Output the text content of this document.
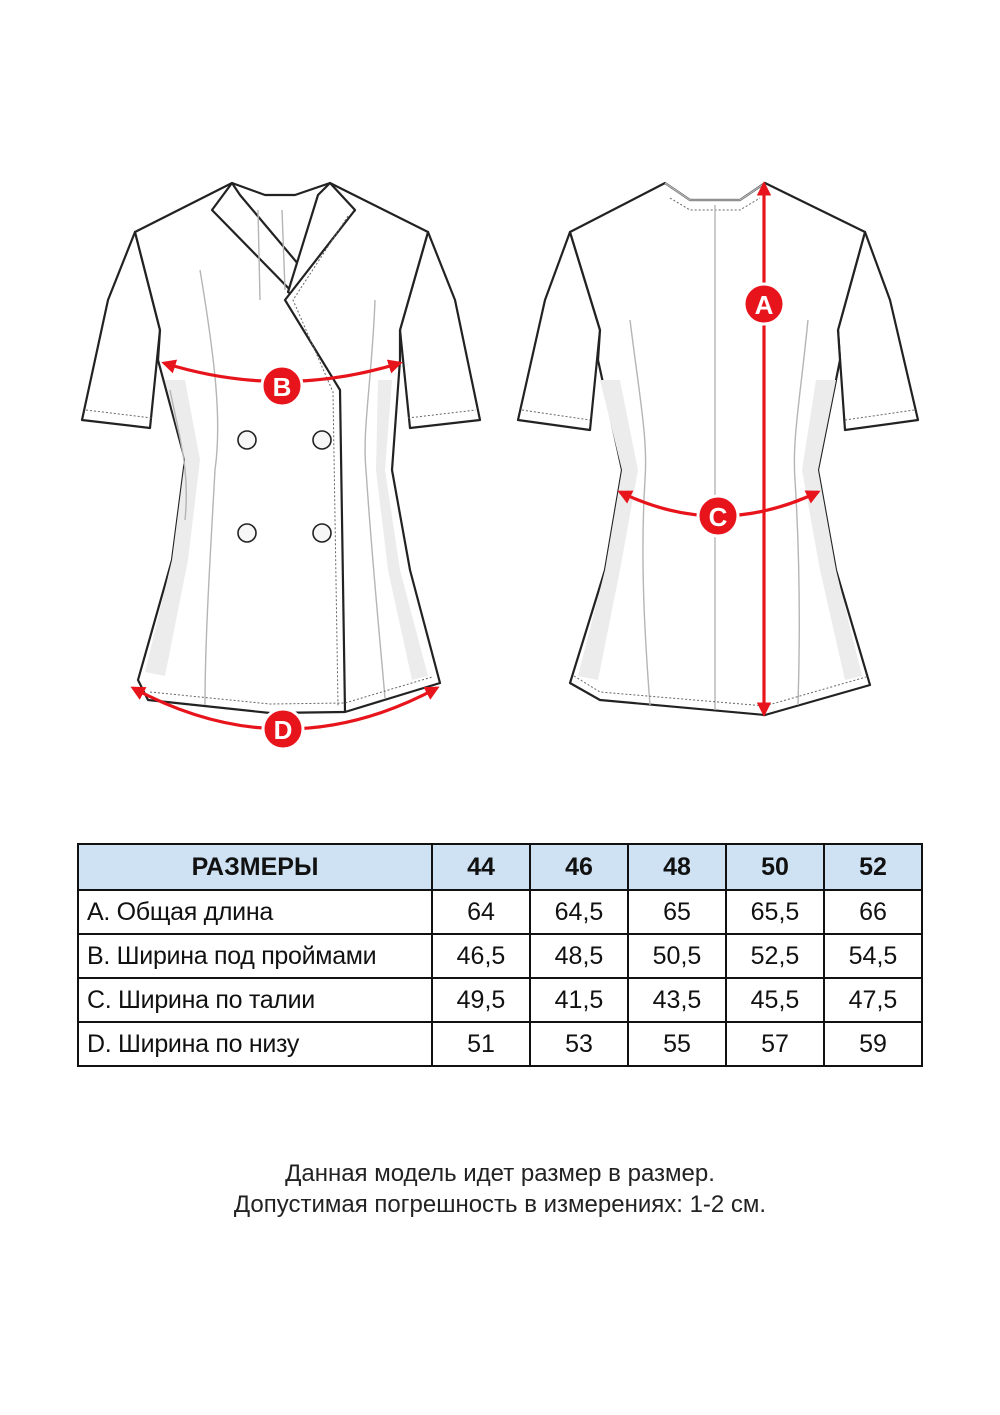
B
D
A
C
РАЗМЕРЫ	44	46	48	50	52
A. Общая длина	64	64,5	65	65,5	66
B. Ширина под проймами	46,5	48,5	50,5	52,5	54,5
C. Ширина по талии	49,5	41,5	43,5	45,5	47,5
D. Ширина по низу	51	53	55	57	59
Данная модель идет размер в размер.
Допустимая погрешность в измерениях: 1-2 см.
